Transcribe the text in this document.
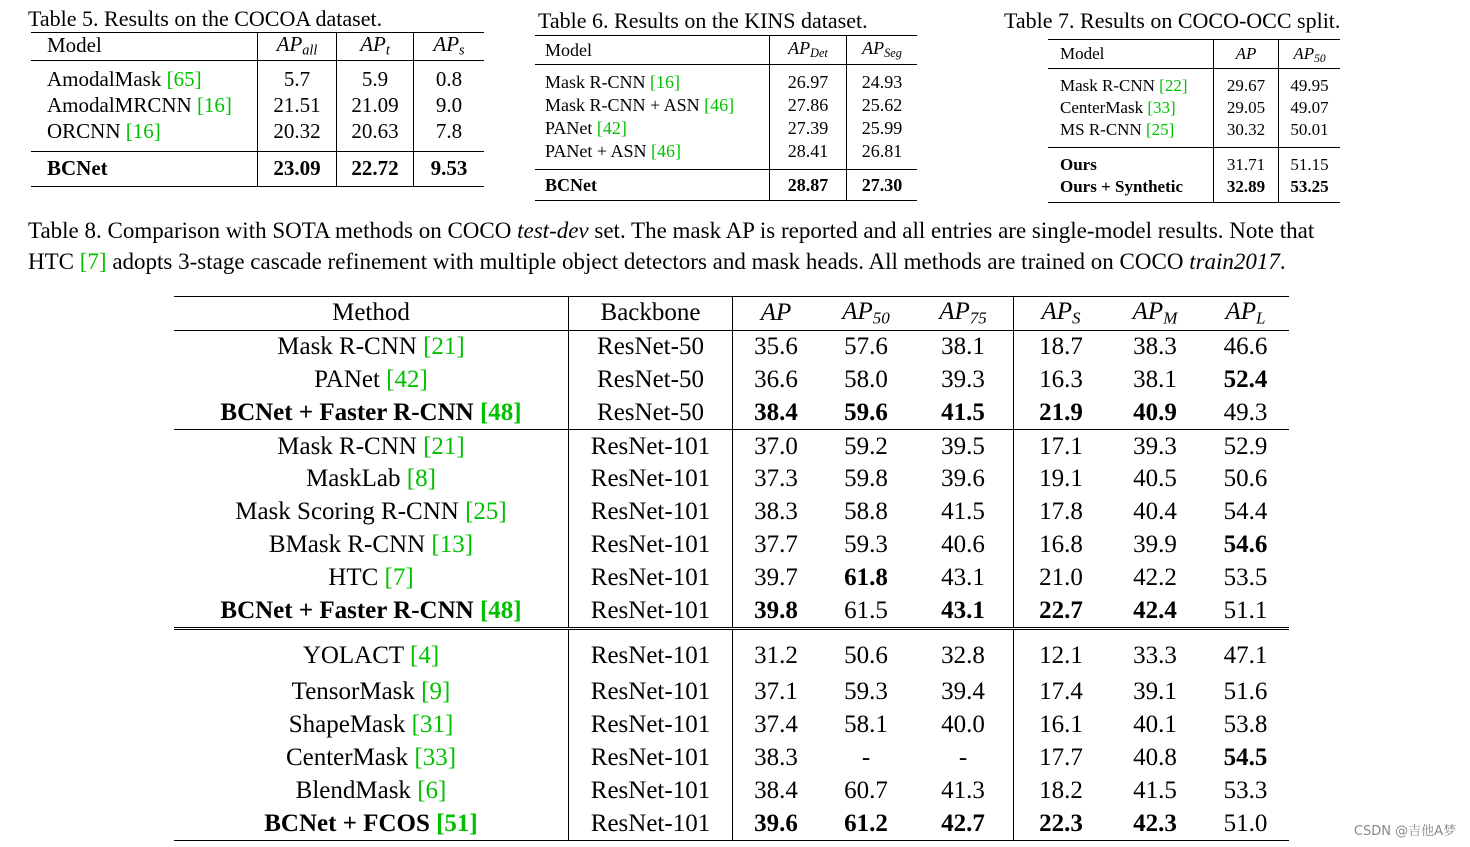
Table 5. Results on the COCOA dataset.
Model	$AP_{all}$	$AP_t$	$AP_s$
AmodalMask [65]	5.7	5.9	0.8
AmodalMRCNN [16]	21.51	21.09	9.0
ORCNN [16]	20.32	20.63	7.8
BCNet	23.09	22.72	9.53
Table 6. Results on the KINS dataset.
Model	$AP_{Det}$	$AP_{Seg}$
Mask R-CNN [16]	26.97	24.93
Mask R-CNN + ASN [46]	27.86	25.62
PANet [42]	27.39	25.99
PANet + ASN [46]	28.41	26.81
BCNet	28.87	27.30
Table 7. Results on COCO-OCC split.
Model	AP	$AP_{50}$
Mask R-CNN [22]	29.67	49.95
CenterMask [33]	29.05	49.07
MS R-CNN [25]	30.32	50.01
Ours	31.71	51.15
Ours + Synthetic	32.89	53.25
Table 8. Comparison with SOTA methods on COCO test-dev set. The mask AP is reported and all entries are single-model results. Note that
HTC [7] adopts 3-stage cascade refinement with multiple object detectors and mask heads. All methods are trained on COCO train2017.
Method	Backbone	AP	$AP_{50}$	$AP_{75}$	$AP_S$	$AP_M$	$AP_L$
Mask R-CNN [21]	ResNet-50	35.6	57.6	38.1	18.7	38.3	46.6
PANet [42]	ResNet-50	36.6	58.0	39.3	16.3	38.1	52.4
BCNet + Faster R-CNN [48]	ResNet-50	38.4	59.6	41.5	21.9	40.9	49.3
Mask R-CNN [21]	ResNet-101	37.0	59.2	39.5	17.1	39.3	52.9
MaskLab [8]	ResNet-101	37.3	59.8	39.6	19.1	40.5	50.6
Mask Scoring R-CNN [25]	ResNet-101	38.3	58.8	41.5	17.8	40.4	54.4
BMask R-CNN [13]	ResNet-101	37.7	59.3	40.6	16.8	39.9	54.6
HTC [7]	ResNet-101	39.7	61.8	43.1	21.0	42.2	53.5
BCNet + Faster R-CNN [48]	ResNet-101	39.8	61.5	43.1	22.7	42.4	51.1
YOLACT [4]	ResNet-101	31.2	50.6	32.8	12.1	33.3	47.1
TensorMask [9]	ResNet-101	37.1	59.3	39.4	17.4	39.1	51.6
ShapeMask [31]	ResNet-101	37.4	58.1	40.0	16.1	40.1	53.8
CenterMask [33]	ResNet-101	38.3	-	-	17.7	40.8	54.5
BlendMask [6]	ResNet-101	38.4	60.7	41.3	18.2	41.5	53.3
BCNet + FCOS [51]	ResNet-101	39.6	61.2	42.7	22.3	42.3	51.0	CSDN @吉他A梦
